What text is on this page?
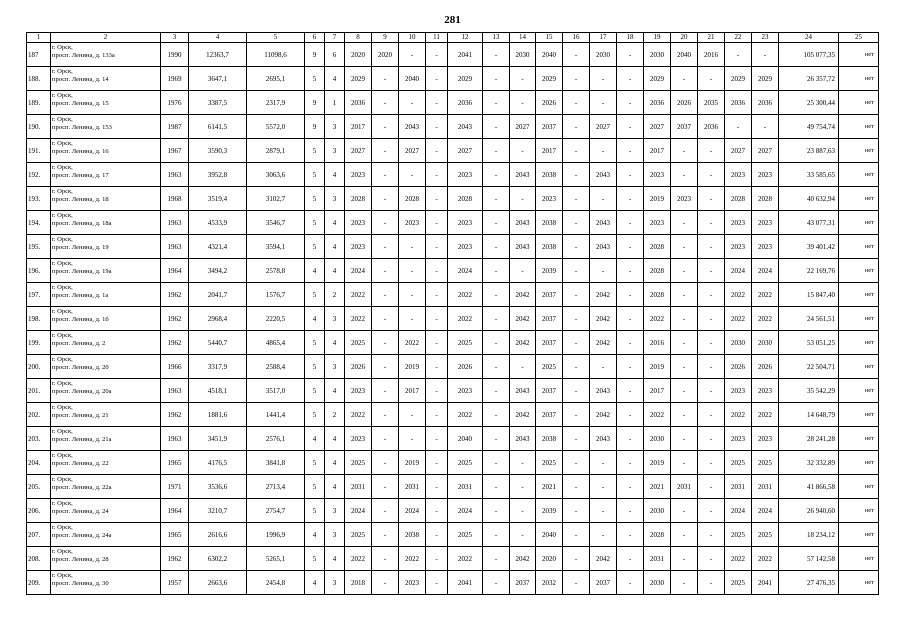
281
1	2	3	4	5	6	7	8	9	10	11	12	13	14	15	16	17	18	19	20	21	22	23	24	25
187	г. Орск,
просп. Ленина, д. 133а	1990	12363,7	11098,6	9	6	2020	2020	-	-	2041	-	2030	2040	-	2030	-	2030	2040	2016	-	-	105 077,35	нет
188.	г. Орск,
просп. Ленина, д. 14	1969	3647,1	2695,1	5	4	2029	-	2040	-	2029	-	-	2029	-	-	-	2029	-	-	2029	2029	26 357,72	нет
189.	г. Орск,
просп. Ленина, д. 15	1976	3387,5	2317,9	9	1	2036	-	-	-	2036	-	-	2026	-	-	-	2036	2026	2035	2036	2036	25 300,44	нет
190.	г. Орск,
просп. Ленина, д. 153	1987	6141,5	5572,0	9	3	2017	-	2043	-	2043	-	2027	2037	-	2027	-	2027	2037	2036	-	-	49 754,74	нет
191.	г. Орск,
просп. Ленина, д. 16	1967	3590,3	2879,1	5	3	2027	-	2027	-	2027	-	-	2017	-	-	-	2017	-	-	2027	2027	23 887,63	нет
192.	г. Орск,
просп. Ленина, д. 17	1963	3952,8	3063,6	5	4	2023	-	-	-	2023	-	2043	2038	-	2043	-	2023	-	-	2023	2023	33 585,65	нет
193.	г. Орск,
просп. Ленина, д. 18	1968	3519,4	3102,7	5	3	2028	-	2028	-	2028	-	-	2023	-	-	-	2019	2023	-	2028	2028	40 632,94	нет
194.	г. Орск,
просп. Ленина, д. 18а	1963	4533,9	3546,7	5	4	2023	-	2023	-	2023	-	2043	2038	-	2043	-	2023	-	-	2023	2023	43 077,31	нет
195.	г. Орск,
просп. Ленина, д. 19	1963	4321,4	3594,1	5	4	2023	-	-	-	2023	-	2043	2038	-	2043	-	2028	-	-	2023	2023	39 401,42	нет
196.	г. Орск,
просп. Ленина, д. 19а	1964	3494,2	2578,8	4	4	2024	-	-	-	2024	-	-	2039	-	-	-	2028	-	-	2024	2024	22 169,76	нет
197.	г. Орск,
просп. Ленина, д. 1а	1962	2041,7	1576,7	5	2	2022	-	-	-	2022	-	2042	2037	-	2042	-	2028	-	-	2022	2022	15 847,40	нет
198.	г. Орск,
просп. Ленина, д. 1б	1962	2968,4	2220,5	4	3	2022	-	-	-	2022	-	2042	2037	-	2042	-	2022	-	-	2022	2022	24 561,51	нет
199.	г. Орск,
просп. Ленина, д. 2	1962	5440,7	4865,4	5	4	2025	-	2022	-	2025	-	2042	2037	-	2042	-	2016	-	-	2030	2030	53 051,25	нет
200.	г. Орск,
просп. Ленина, д. 20	1966	3317,9	2588,4	5	3	2026	-	2019	-	2026	-	-	2025	-	-	-	2019	-	-	2026	2026	22 504,71	нет
201.	г. Орск,
просп. Ленина, д. 20а	1963	4518,1	3517,0	5	4	2023	-	2017	-	2023	-	2043	2037	-	2043	-	2017	-	-	2023	2023	35 542,29	нет
202.	г. Орск,
просп. Ленина, д. 21	1962	1881,6	1441,4	5	2	2022	-	-	-	2022	-	2042	2037	-	2042	-	2022	-	-	2022	2022	14 648,79	нет
203.	г. Орск,
просп. Ленина, д. 21а	1963	3451,9	2576,1	4	4	2023	-	-	-	2040	-	2043	2038	-	2043	-	2030	-	-	2023	2023	28 241,28	нет
204.	г. Орск,
просп. Ленина, д. 22	1965	4176,5	3841,8	5	4	2025	-	2019	-	2025	-	-	2025	-	-	-	2019	-	-	2025	2025	32 332,89	нет
205.	г. Орск,
просп. Ленина, д. 22а	1971	3536,6	2713,4	5	4	2031	-	2031	-	2031	-	-	2021	-	-	-	2021	2031	-	2031	2031	41 866,58	нет
206.	г. Орск,
просп. Ленина, д. 24	1964	3210,7	2754,7	5	3	2024	-	2024	-	2024	-	-	2039	-	-	-	2030	-	-	2024	2024	26 940,60	нет
207.	г. Орск,
просп. Ленина, д. 24а	1965	2616,6	1996,9	4	3	2025	-	2038	-	2025	-	-	2040	-	-	-	2028	-	-	2025	2025	18 234,12	нет
208.	г. Орск,
просп. Ленина, д. 28	1962	6302,2	5265,1	5	4	2022	-	2022	-	2022	-	2042	2020	-	2042	-	2031	-	-	2022	2022	57 142,58	нет
209.	г. Орск,
просп. Ленина, д. 30	1957	2663,6	2454,8	4	3	2018	-	2023	-	2041	-	2037	2032	-	2037	-	2030	-	-	2025	2041	27 476,35	нет
